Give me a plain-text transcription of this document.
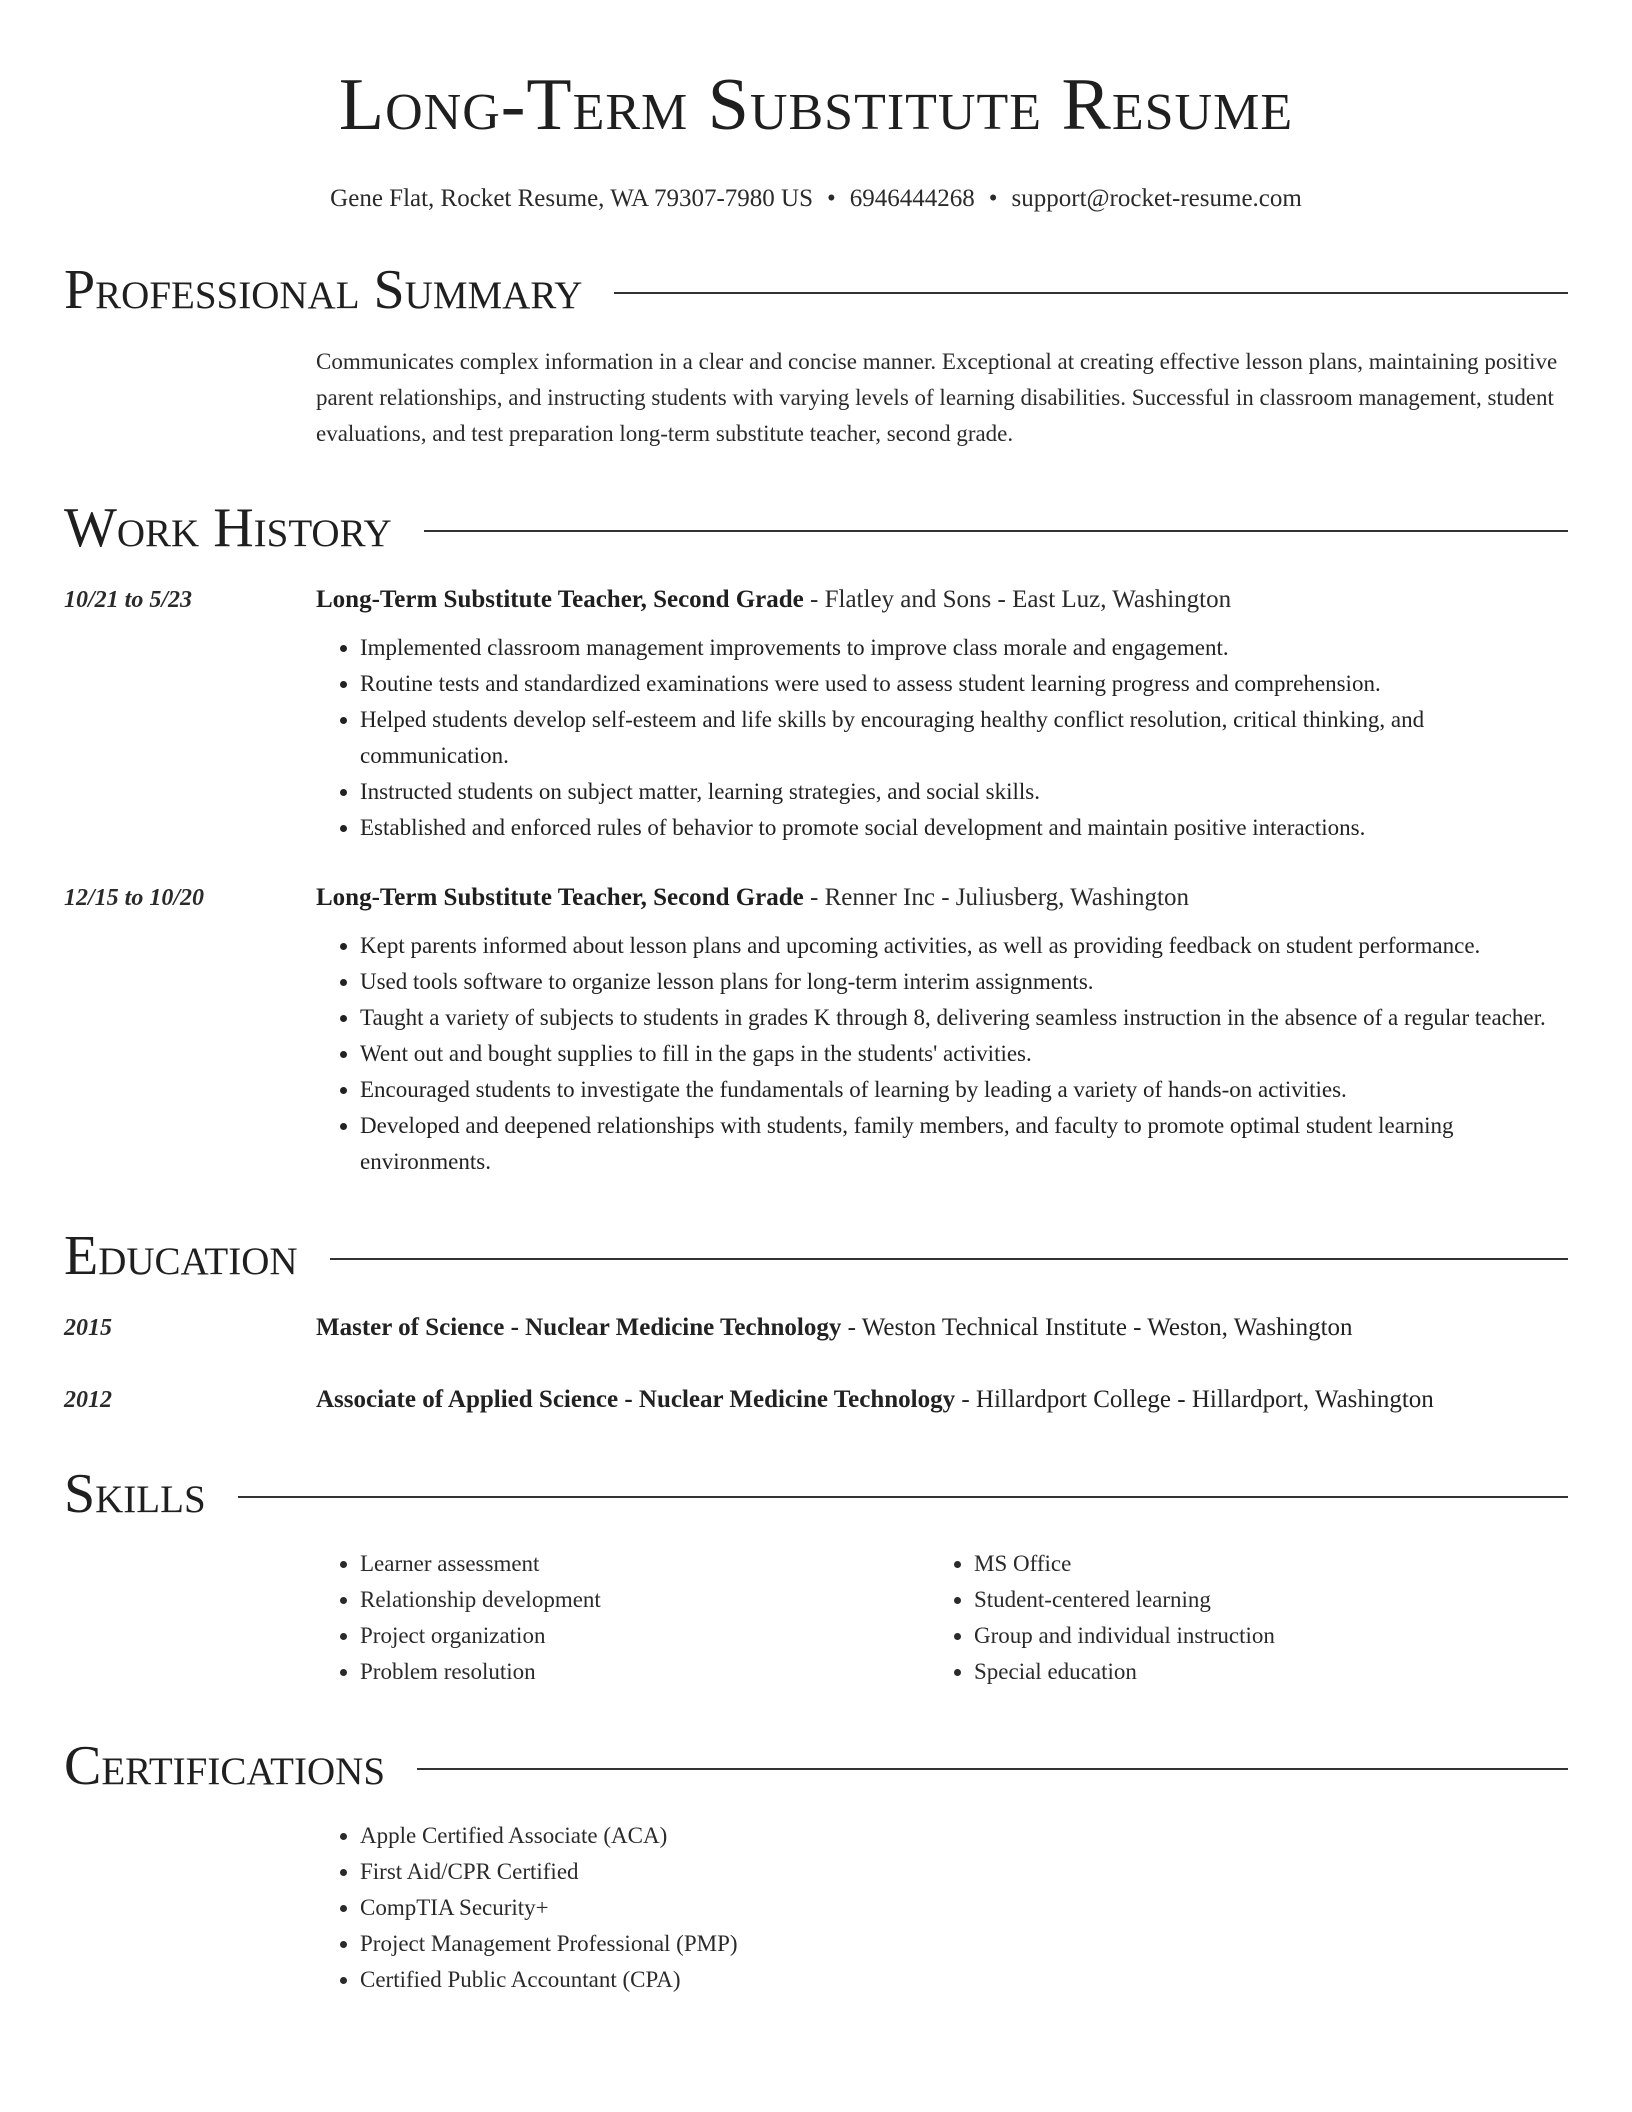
Long-Term Substitute Resume
Gene Flat, Rocket Resume, WA 79307-7980 US • 6946444268 • support@rocket-resume.com
Professional Summary
Communicates complex information in a clear and concise manner. Exceptional at creating effective lesson plans, maintaining positive parent relationships, and instructing students with varying levels of learning disabilities. Successful in classroom management, student evaluations, and test preparation long-term substitute teacher, second grade.
Work History
10/21 to 5/23	Long-Term Substitute Teacher, Second Grade - Flatley and Sons - East Luz, Washington
• Implemented classroom management improvements to improve class morale and engagement.
• Routine tests and standardized examinations were used to assess student learning progress and comprehension.
• Helped students develop self-esteem and life skills by encouraging healthy conflict resolution, critical thinking, and communication.
• Instructed students on subject matter, learning strategies, and social skills.
• Established and enforced rules of behavior to promote social development and maintain positive interactions.
12/15 to 10/20	Long-Term Substitute Teacher, Second Grade - Renner Inc - Juliusberg, Washington
• Kept parents informed about lesson plans and upcoming activities, as well as providing feedback on student performance.
• Used tools software to organize lesson plans for long-term interim assignments.
• Taught a variety of subjects to students in grades K through 8, delivering seamless instruction in the absence of a regular teacher.
• Went out and bought supplies to fill in the gaps in the students' activities.
• Encouraged students to investigate the fundamentals of learning by leading a variety of hands-on activities.
• Developed and deepened relationships with students, family members, and faculty to promote optimal student learning environments.
Education
2015	Master of Science - Nuclear Medicine Technology - Weston Technical Institute - Weston, Washington
2012	Associate of Applied Science - Nuclear Medicine Technology - Hillardport College - Hillardport, Washington
Skills
• Learner assessment
• Relationship development
• Project organization
• Problem resolution
• MS Office
• Student-centered learning
• Group and individual instruction
• Special education
Certifications
• Apple Certified Associate (ACA)
• First Aid/CPR Certified
• CompTIA Security+
• Project Management Professional (PMP)
• Certified Public Accountant (CPA)
